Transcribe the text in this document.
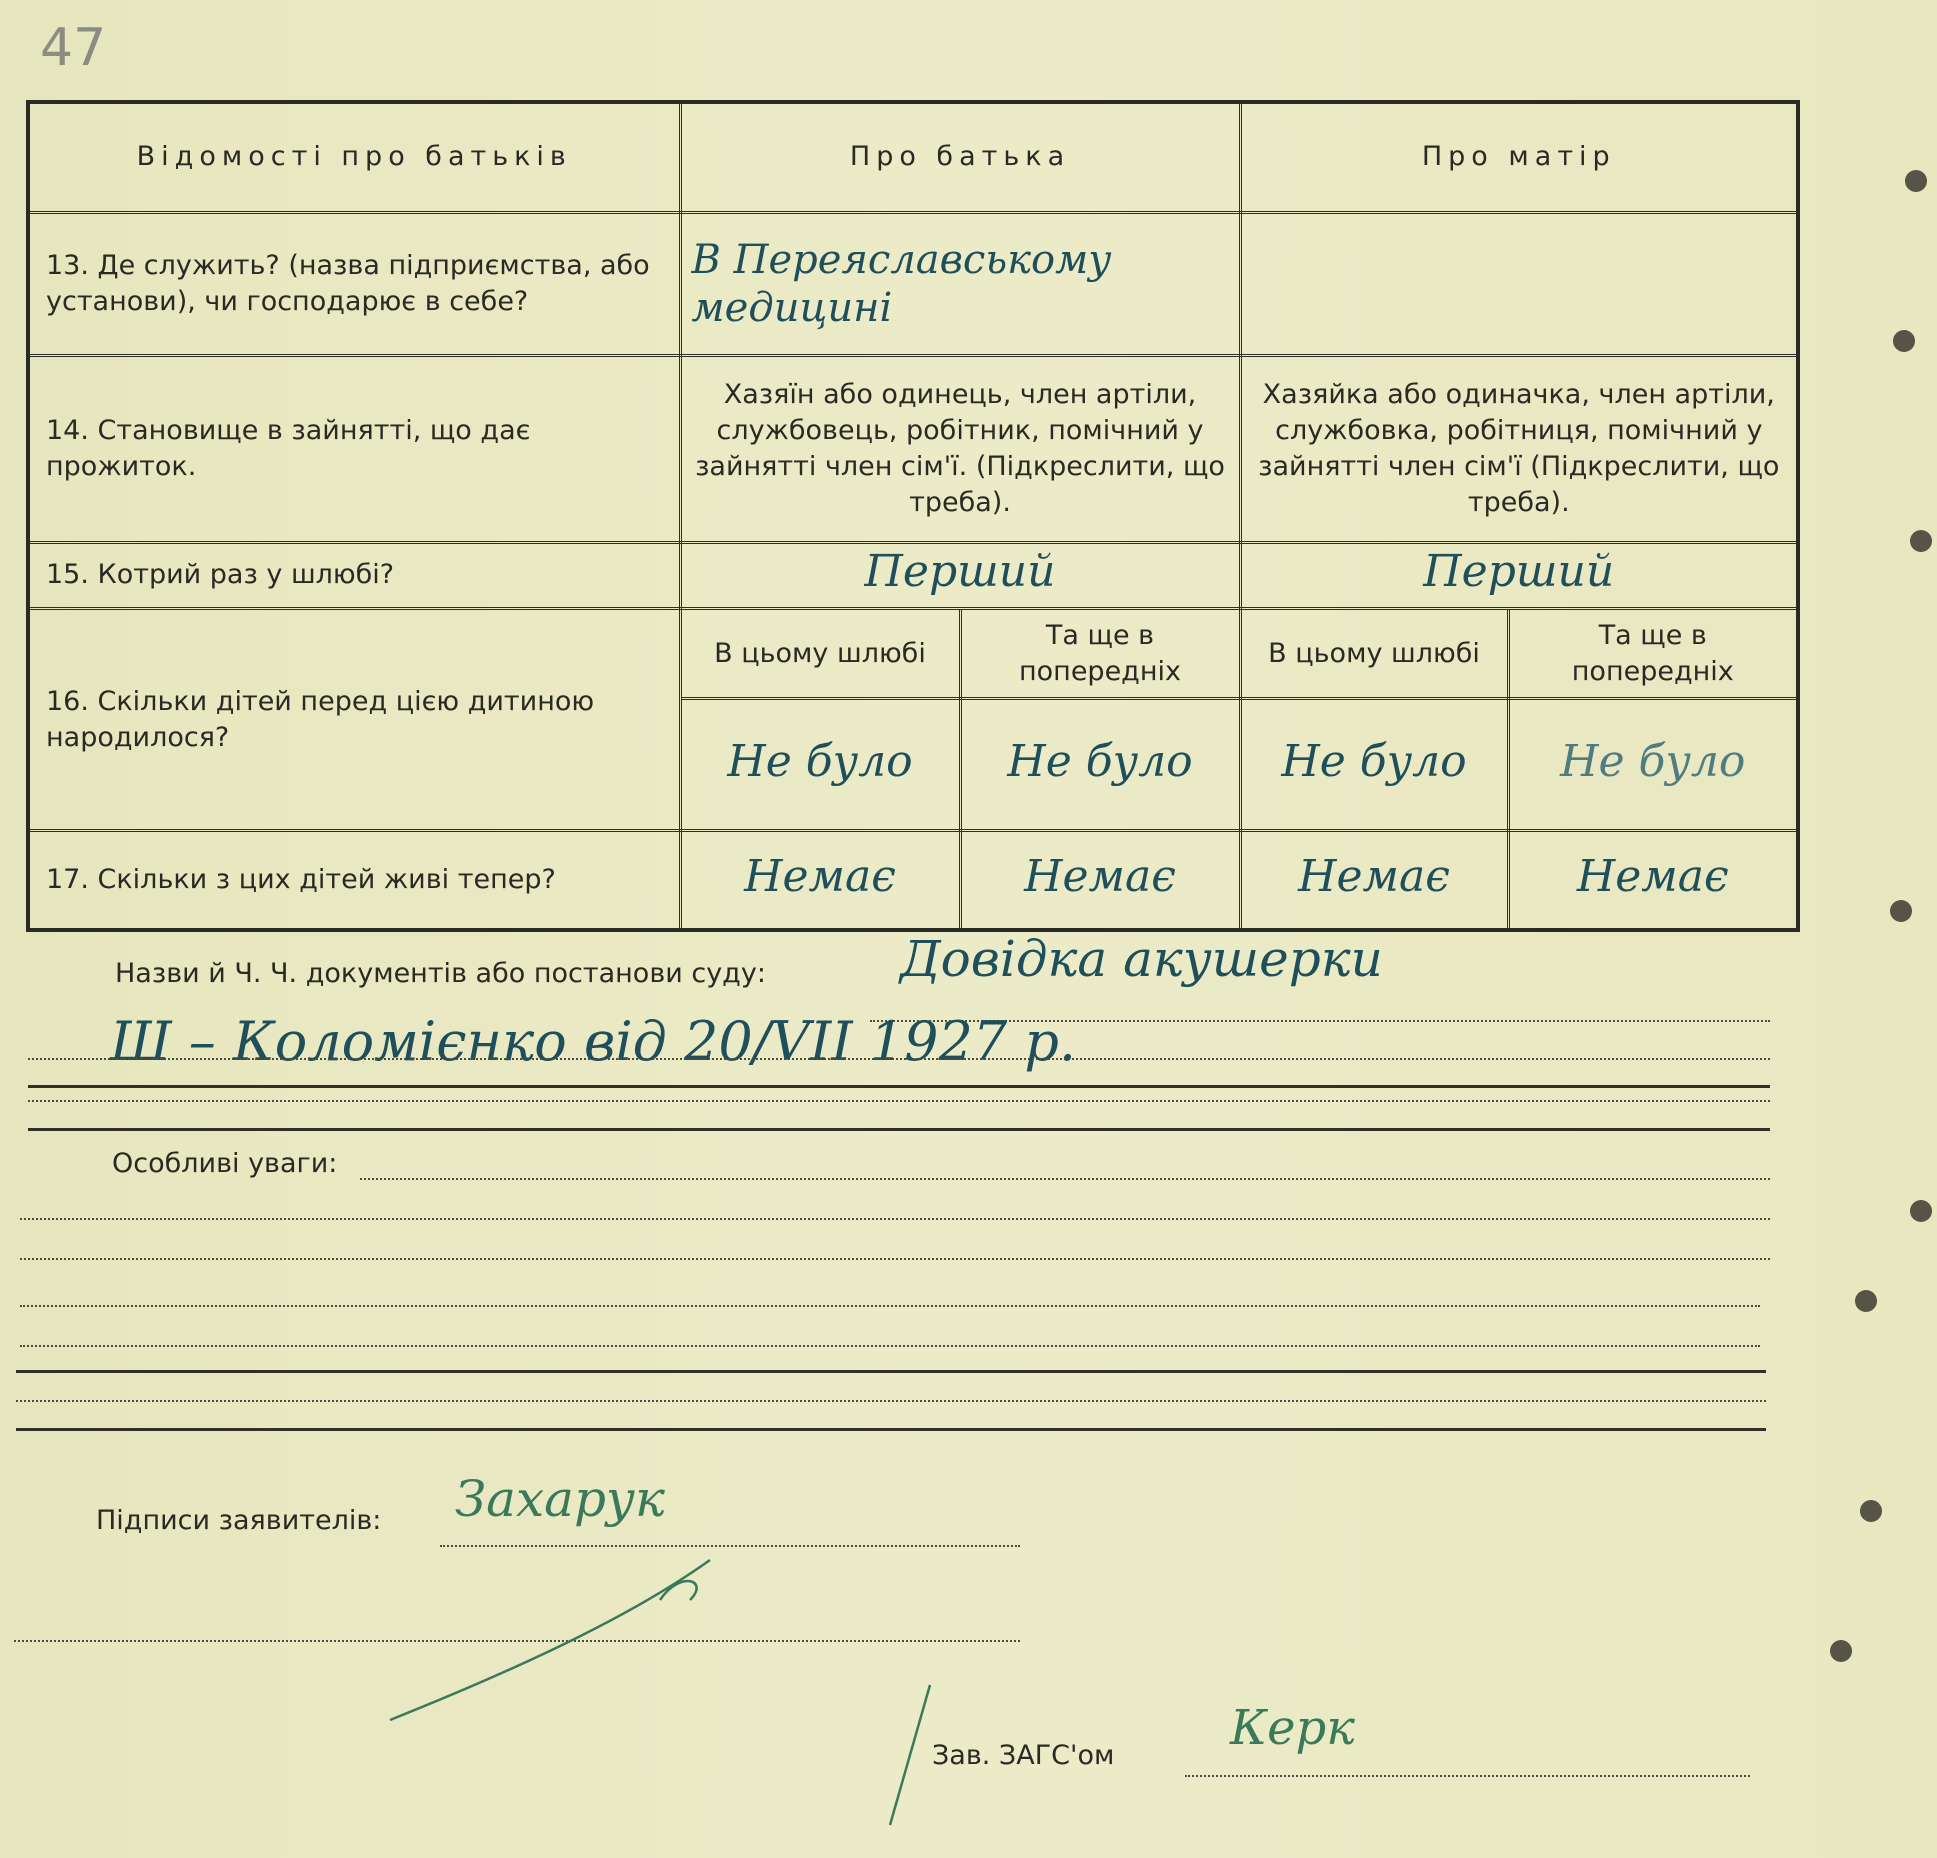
47
Відомості про батьків	Про батька		Про матір	
13. Де служить? (назва підприємства, або установи), чи господарює в себе?	В Переяславському медицині			

14. Становище в зайнятті, що дає прожиток.	Хазяїн або одинець, член артіли, службовець, робітник, помічний у зайнятті член сім'ї. (Підкреслити, що треба).		Хазяйка або одиначка, член артіли, службовка, робітниця, помічний у зайнятті член сім'ї (Підкреслити, що треба).	
15. Котрий раз у шлюбі?	Перший		Перший	
16. Скільки дітей перед цією дитиною народилося?	В цьому шлюбі	Та ще в попередніх	В цьому шлюбі	Та ще в попередніх
	Не було	Не було	Не було	Не було
17. Скільки з цих дітей живі тепер?	Немає	Немає	Немає	Немає
Назви й Ч. Ч. документів або постанови суду:	Довідка акушерки
Ш – Коломієнко від 20/VII 1927 р.
Особливі уваги:
Підписи заявителів: Захарук
Зав. ЗАГС'ом Керк
